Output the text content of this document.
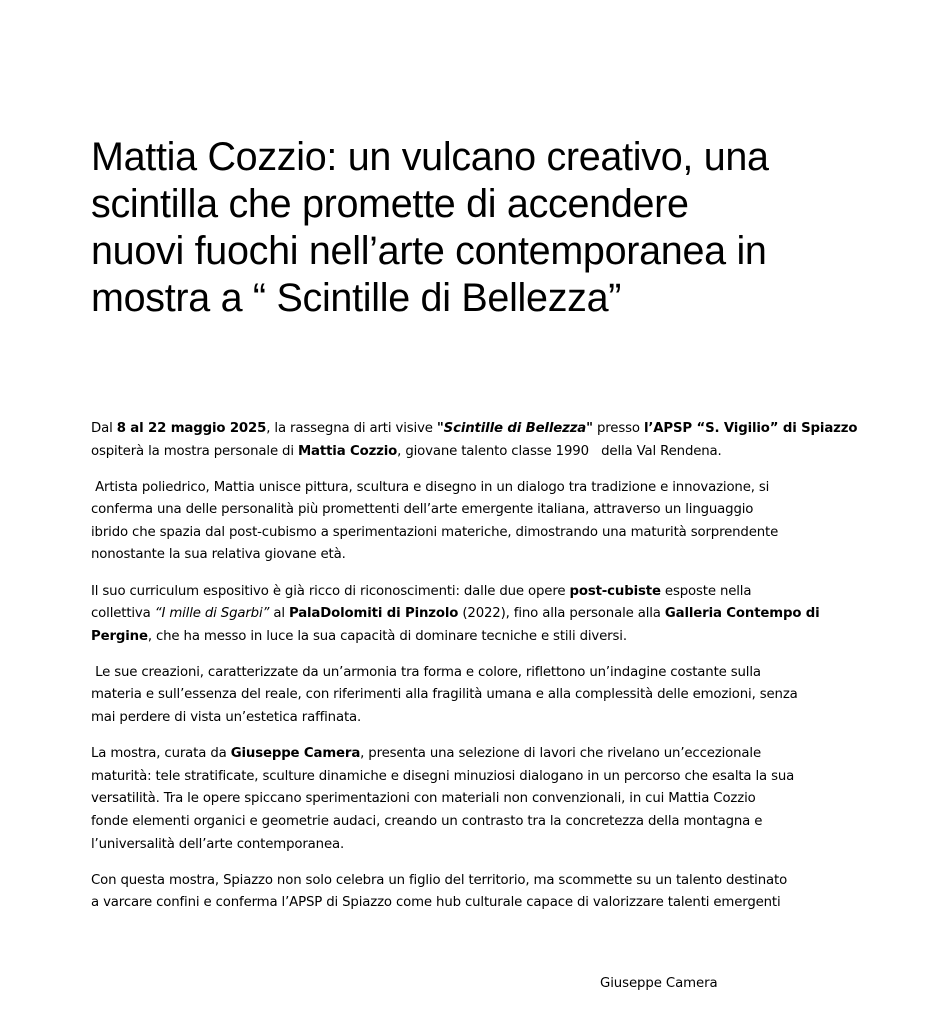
Mattia Cozzio: un vulcano creativo, una
scintilla che promette di accendere
nuovi fuochi nell’arte contemporanea in
mostra a “ Scintille di Bellezza”

Dal 8 al 22 maggio 2025, la rassegna di arti visive "Scintille di Bellezza" presso l’APSP “S. Vigilio” di Spiazzo
ospiterà la mostra personale di Mattia Cozzio, giovane talento classe 1990   della Val Rendena.

Artista poliedrico, Mattia unisce pittura, scultura e disegno in un dialogo tra tradizione e innovazione, si
conferma una delle personalità più promettenti dell’arte emergente italiana, attraverso un linguaggio
ibrido che spazia dal post-cubismo a sperimentazioni materiche, dimostrando una maturità sorprendente
nonostante la sua relativa giovane età.

Il suo curriculum espositivo è già ricco di riconoscimenti: dalle due opere post-cubiste esposte nella
collettiva “I mille di Sgarbi” al PalaDolomiti di Pinzolo (2022), fino alla personale alla Galleria Contempo di
Pergine, che ha messo in luce la sua capacità di dominare tecniche e stili diversi.

Le sue creazioni, caratterizzate da un’armonia tra forma e colore, riflettono un’indagine costante sulla
materia e sull’essenza del reale, con riferimenti alla fragilità umana e alla complessità delle emozioni, senza
mai perdere di vista un’estetica raffinata.

La mostra, curata da Giuseppe Camera, presenta una selezione di lavori che rivelano un’eccezionale
maturità: tele stratificate, sculture dinamiche e disegni minuziosi dialogano in un percorso che esalta la sua
versatilità. Tra le opere spiccano sperimentazioni con materiali non convenzionali, in cui Mattia Cozzio
fonde elementi organici e geometrie audaci, creando un contrasto tra la concretezza della montagna e
l’universalità dell’arte contemporanea.

Con questa mostra, Spiazzo non solo celebra un figlio del territorio, ma scommette su un talento destinato
a varcare confini e conferma l’APSP di Spiazzo come hub culturale capace di valorizzare talenti emergenti

Giuseppe Camera
